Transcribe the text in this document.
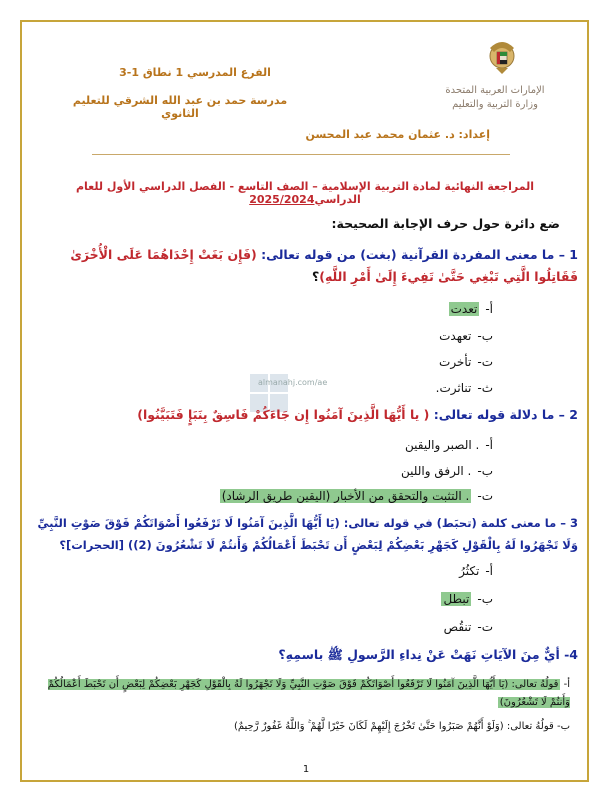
الفرع المدرسي 1 نطاق 1-3
مدرسة حمد بن عبد الله الشرقي للتعليم الثانوي
الإمارات العربية المتحدة
وزارة التربية والتعليم
إعداد: د. عثمان محمد عبد المحسن
المراجعة النهائية لمادة التربية الإسلامية – الصف التاسع - الفصل الدراسي الأول للعام الدراسي2025/2024
ضع دائرة حول حرف الإجابة الصحيحة:
1 – ما معنى المفردة القرآنية (بغت) من قوله تعالى: (فَإِن بَغَتْ إِحْدَاهُمَا عَلَى الْأُخْرَىٰ فَقَاتِلُوا الَّتِي تَبْغِي حَتَّىٰ تَفِيءَ إِلَىٰ أَمْرِ اللَّهِ)؟
أ-تعدت
ب-تعهدت
ت-تأخرت
ث-تناثرت.
almanahj.com/ae
2 – ما دلالة قوله تعالى: ( يا أَيُّهَا الَّذِينَ آمَنُوا إِن جَاءَكُمْ فَاسِقٌ بِنَبَإٍ فَتَبَيَّنُوا)
أ-. الصبر واليقين
ب-. الرفق واللين
ت-. التثبت والتحقق من الأخبار (اليقين طريق الرشاد)
3 – ما معنى كلمة (تحبَط) في قوله تعالى: (يَا أَيُّهَا الَّذِينَ آمَنُوا لَا تَرْفَعُوا أَصْوَاتَكُمْ فَوْقَ صَوْتِ النَّبِيِّ وَلَا تَجْهَرُوا لَهُ بِالْقَوْلِ كَجَهْرِ بَعْضِكُمْ لِبَعْضٍ أَن تَحْبَطَ أَعْمَالُكُمْ وَأَنتُمْ لَا تَشْعُرُونَ (2)) [الحجرات]؟
أ-تكثُرُ
ب-تبطل
ت-تنقُص
4- أيٌّ مِنَ الآيَاتِ نَهَتْ عَنْ نِداءِ الرَّسولِ ﷺ باسمِهِ؟
أ- قولُهُ تعالى: (يَا أَيُّهَا الَّذِينَ آمَنُوا لَا تَرْفَعُوا أَصْوَاتَكُمْ فَوْقَ صَوْتِ النَّبِيِّ وَلَا تَجْهَرُوا لَهُ بِالْقَوْلِ كَجَهْرِ بَعْضِكُمْ لِبَعْضٍ أَن تَحْبَطَ أَعْمَالُكُمْ وَأَنتُمْ لَا تَشْعُرُونَ)
ب- قولُهُ تعالى: (وَلَوْ أَنَّهُمْ صَبَرُوا حَتَّىٰ تَخْرُجَ إِلَيْهِمْ لَكَانَ خَيْرًا لَّهُمْ ۚ وَاللَّهُ غَفُورٌ رَّحِيمٌ)
1
